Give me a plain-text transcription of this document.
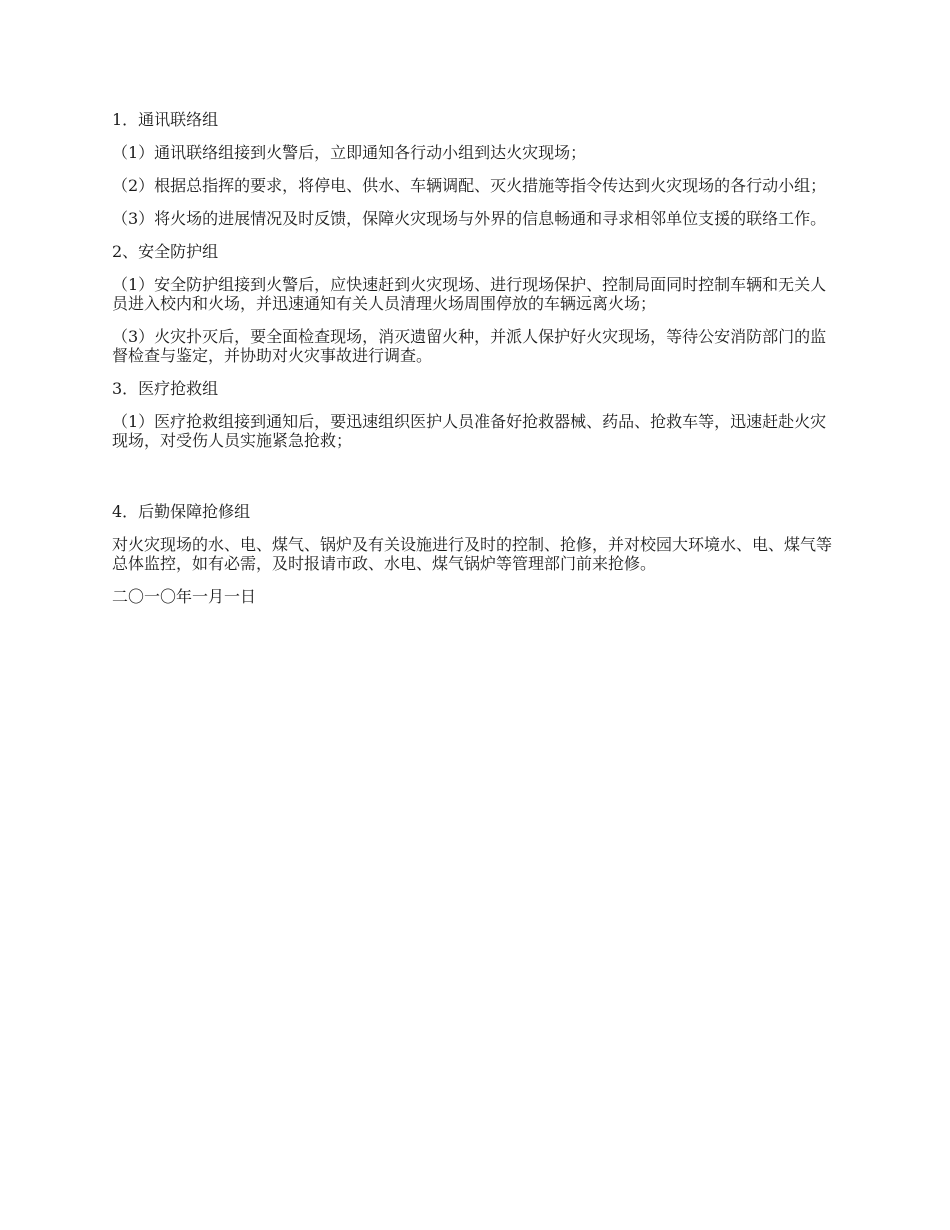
1．通讯联络组

（1）通讯联络组接到火警后，立即通知各行动小组到达火灾现场；

（2）根据总指挥的要求，将停电、供水、车辆调配、灭火措施等指令传达到火灾现场的各行动小组；

（3）将火场的进展情况及时反馈，保障火灾现场与外界的信息畅通和寻求相邻单位支援的联络工作。

2、安全防护组

（1）安全防护组接到火警后，应快速赶到火灾现场、进行现场保护、控制局面同时控制车辆和无关人员进入校内和火场，并迅速通知有关人员清理火场周围停放的车辆远离火场；

（3）火灾扑灭后，要全面检查现场，消灭遗留火种，并派人保护好火灾现场，等待公安消防部门的监督检查与鉴定，并协助对火灾事故进行调查。

3．医疗抢救组

（1）医疗抢救组接到通知后，要迅速组织医护人员准备好抢救器械、药品、抢救车等，迅速赶赴火灾现场，对受伤人员实施紧急抢救；

4．后勤保障抢修组

对火灾现场的水、电、煤气、锅炉及有关设施进行及时的控制、抢修，并对校园大环境水、电、煤气等总体监控，如有必需，及时报请市政、水电、煤气锅炉等管理部门前来抢修。

二〇一〇年一月一日
